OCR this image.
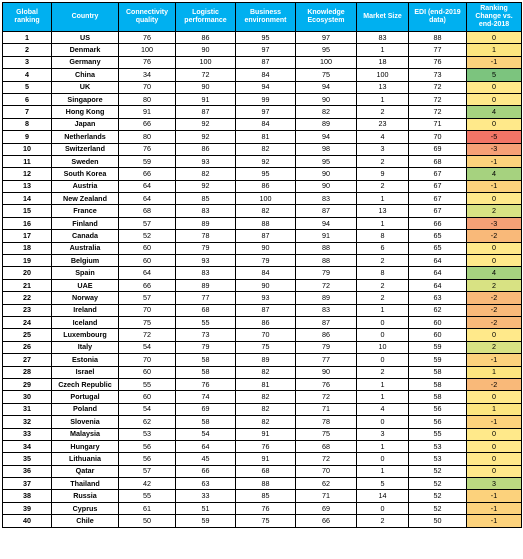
Global ranking	Country	Connectivity quality	Logistic performance	Business environment	Knowledge Ecosystem	Market Size	EDI (end-2019 data)	Ranking Change vs. end-2018
1	US	76	86	95	97	83	88	0
2	Denmark	100	90	97	95	1	77	1
3	Germany	76	100	87	100	18	76	-1
4	China	34	72	84	75	100	73	5
5	UK	70	90	94	94	13	72	0
6	Singapore	80	91	99	90	1	72	0
7	Hong Kong	91	87	97	82	2	72	4
8	Japan	66	92	84	89	23	71	0
9	Netherlands	80	92	81	94	4	70	-5
10	Switzerland	76	86	82	98	3	69	-3
11	Sweden	59	93	92	95	2	68	-1
12	South Korea	66	82	95	90	9	67	4
13	Austria	64	92	86	90	2	67	-1
14	New Zealand	64	85	100	83	1	67	0
15	France	68	83	82	87	13	67	2
16	Finland	57	89	88	94	1	66	-3
17	Canada	52	78	87	91	8	65	-2
18	Australia	60	79	90	88	6	65	0
19	Belgium	60	93	79	88	2	64	0
20	Spain	64	83	84	79	8	64	4
21	UAE	66	89	90	72	2	64	2
22	Norway	57	77	93	89	2	63	-2
23	Ireland	70	68	87	83	1	62	-2
24	Iceland	75	55	86	87	0	60	-2
25	Luxembourg	72	73	70	86	0	60	0
26	Italy	54	79	75	79	10	59	2
27	Estonia	70	58	89	77	0	59	-1
28	Israel	60	58	82	90	2	58	1
29	Czech Republic	55	76	81	76	1	58	-2
30	Portugal	60	74	82	72	1	58	0
31	Poland	54	69	82	71	4	56	1
32	Slovenia	62	58	82	78	0	56	-1
33	Malaysia	53	54	91	75	3	55	0
34	Hungary	56	64	76	68	1	53	0
35	Lithuania	56	45	91	72	0	53	0
36	Qatar	57	66	68	70	1	52	0
37	Thailand	42	63	88	62	5	52	3
38	Russia	55	33	85	71	14	52	-1
39	Cyprus	61	51	76	69	0	52	-1
40	Chile	50	59	75	66	2	50	-1
